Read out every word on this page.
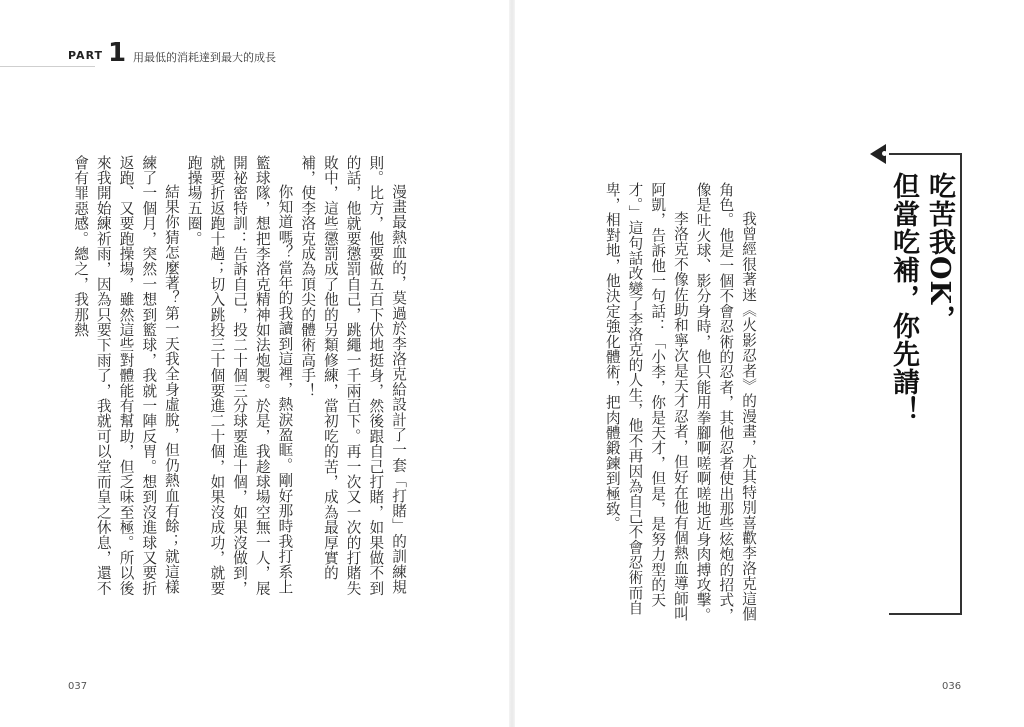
PART 1 用最低的消耗達到最大的成長

漫畫最熱血的，莫過於李洛克給設計了一套「打賭」的訓練規則。比方，他要做五百下伏地挺身，然後跟自己打賭，如果做不到的話，他就要懲罰自己，跳繩一千兩百下。再一次又一次的打賭失敗中，這些懲罰成了他的另類修練，當初吃的苦，成為最厚實的補，使李洛克成為頂尖的體術高手！

你知道嗎？當年的我讀到這裡，熱淚盈眶。剛好那時我打系上籃球隊，想把李洛克精神如法炮製。於是，我趁球場空無一人，展開祕密特訓：告訴自己，投二十個三分球要進十個，如果沒做到，就要折返跑十趟；切入跳投三十個要進二十個，如果沒成功，就要跑操場五圈。

結果你猜怎麼著？第一天我全身虛脫，但仍熱血有餘；就這樣練了一個月，突然一想到籃球，我就一陣反胃。想到沒進球又要折返跑、又要跑操場，雖然這些對體能有幫助，但乏味至極。所以後來我開始練祈雨，因為只要下雨了，我就可以堂而皇之休息，還不會有罪惡感。總之，我那熱

037

吃苦我OK，

但當吃補，你先請！

我曾經很著迷《火影忍者》的漫畫，尤其特別喜歡李洛克這個角色。他是一個不會忍術的忍者，其他忍者使出那些炫炮的招式，像是吐火球、影分身時，他只能用拳腳啊嗟啊嗟地近身肉搏攻擊。

李洛克不像佐助和寧次是天才忍者，但好在他有個熱血導師叫阿凱，告訴他一句話：「小李，你是天才，但是，是努力型的天才。」這句話改變了李洛克的人生，他不再因為自己不會忍術而自卑，相對地，他決定強化體術，把肉體鍛鍊到極致。

036
